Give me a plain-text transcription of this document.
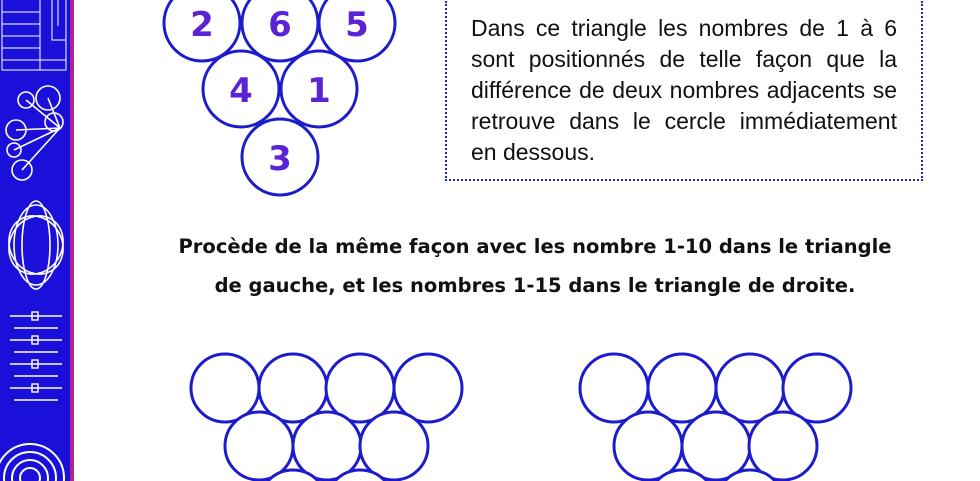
2 6 5
4 1
3

Dans ce triangle les nombres de 1 à 6 sont positionnés de telle façon que la différence de deux nombres adjacents se retrouve dans le cercle immédiatement en dessous.

Procède de la même façon avec les nombre 1-10 dans le triangle

de gauche, et les nombres 1-15 dans le triangle de droite.
